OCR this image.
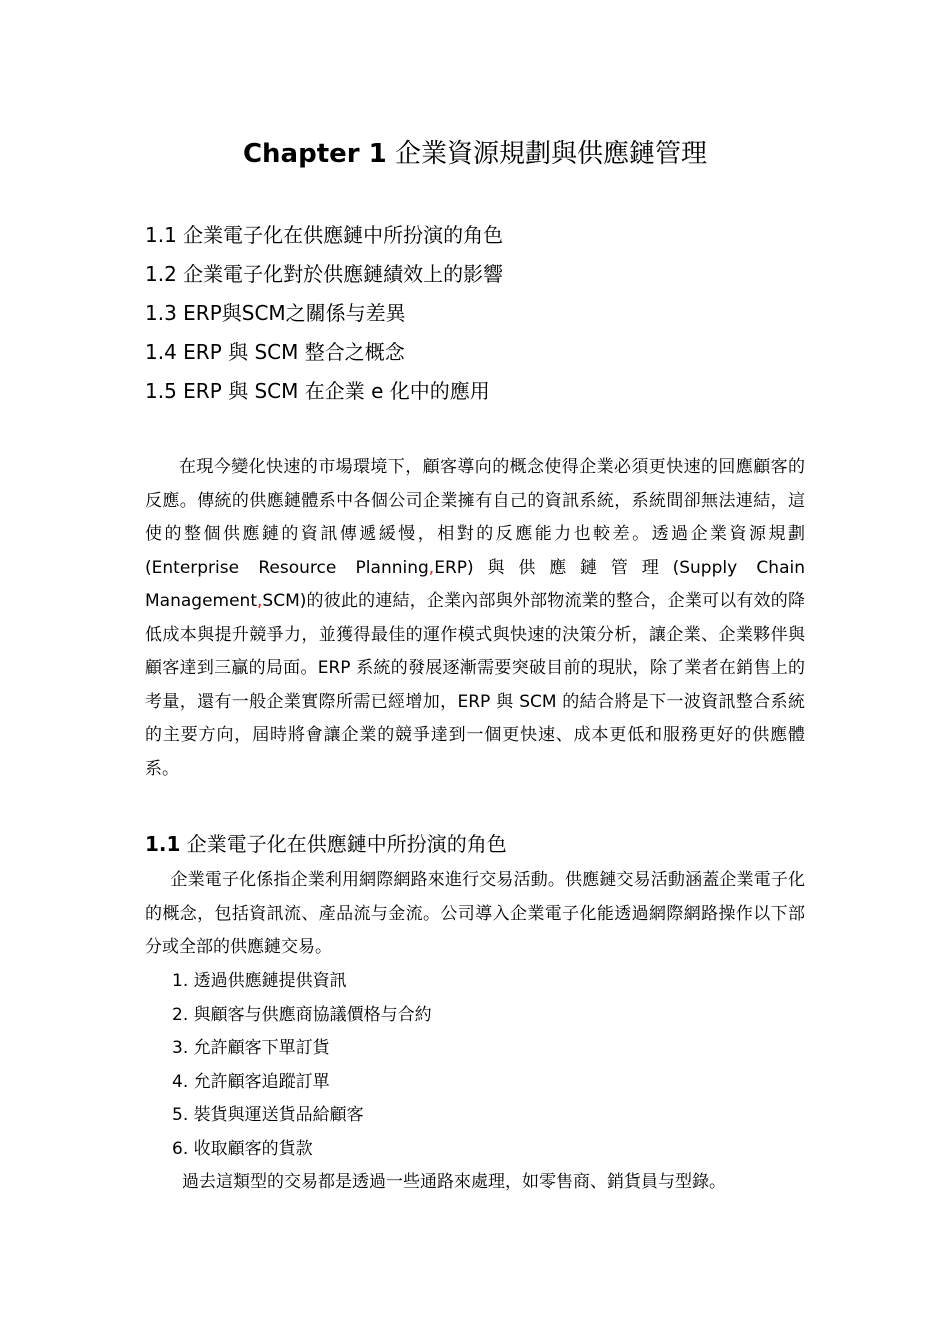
Chapter 1 企業資源規劃與供應鏈管理
1.1 企業電子化在供應鏈中所扮演的角色
1.2 企業電子化對於供應鏈績效上的影響
1.3 ERP與SCM之關係与差異
1.4 ERP 與 SCM 整合之概念
1.5 ERP 與 SCM 在企業 e 化中的應用

在現今變化快速的市場環境下，顧客導向的概念使得企業必須更快速的回應顧客的反應。傳統的供應鏈體系中各個公司企業擁有自己的資訊系統，系統間卻無法連結，這使的整個供應鏈的資訊傳遞緩慢，相對的反應能力也較差。透過企業資源規劃(Enterprise Resource Planning,ERP)與供應鏈管理(Supply Chain Management,SCM)的彼此的連結，企業內部與外部物流業的整合，企業可以有效的降低成本與提升競爭力，並獲得最佳的運作模式與快速的決策分析，讓企業、企業夥伴與顧客達到三贏的局面。ERP 系統的發展逐漸需要突破目前的現狀，除了業者在銷售上的考量，還有一般企業實際所需已經增加，ERP 與 SCM 的結合將是下一波資訊整合系統的主要方向，屆時將會讓企業的競爭達到一個更快速、成本更低和服務更好的供應體系。

1.1 企業電子化在供應鏈中所扮演的角色

企業電子化係指企業利用網際網路來進行交易活動。供應鏈交易活動涵蓋企業電子化的概念，包括資訊流、產品流与金流。公司導入企業電子化能透過網際網路操作以下部分或全部的供應鏈交易。

1. 透過供應鏈提供資訊
2. 與顧客与供應商協議價格与合約
3. 允許顧客下單訂貨
4. 允許顧客追蹤訂單
5. 裝貨與運送貨品給顧客
6. 收取顧客的貨款

過去這類型的交易都是透過一些通路來處理，如零售商、銷貨員与型錄。
